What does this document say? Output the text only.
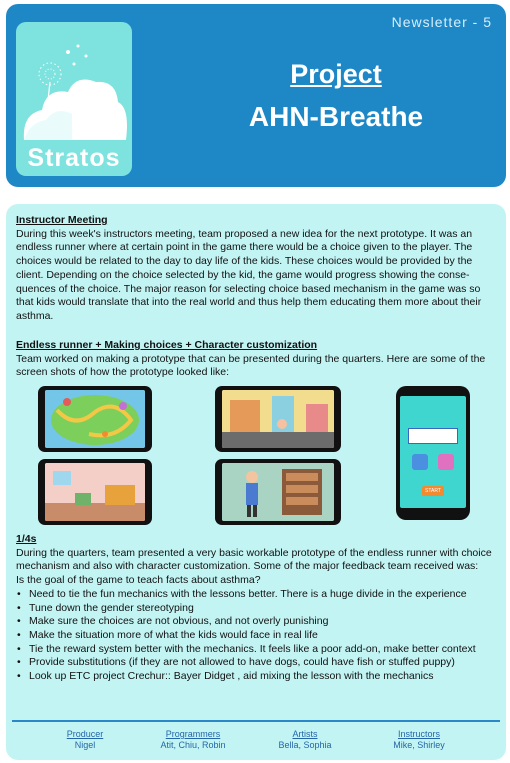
Newsletter - 5
Stratos
Project
AHN-Breathe
Instructor Meeting
During this week's instructors meeting, team proposed a new idea for the next prototype. It was an endless runner where at certain point in the game there would be a choice given to the player. The choices would be related to the day to day life of the kids. These choices would be provided by the client. Depending on the choice selected by the kid, the game would progress showing the conse-quences of the choice. The major reason for selecting choice based mechanism in the game was so that kids would translate that into the real world and thus help them educating them more about their asthma.
Endless runner + Making choices + Character customization
Team worked on making a prototype that can be presented during the quarters. Here are some of the screen shots of how the prototype looked like:
START
1/4s
During the quarters, team presented a very basic workable prototype of the endless runner with choice mechanism and also with character customization. Some of the major feedback team received was:
Is the goal of the game to teach facts about asthma?
• Need to tie the fun mechanics with the lessons better. There is a huge divide in the experience
• Tune down the gender stereotyping
• Make sure the choices are not obvious, and not overly punishing
• Make the situation more of what the kids would face in real life
• Tie the reward system better with the mechanics. It feels like a poor add-on, make better context
• Provide substitutions (if they are not allowed to have dogs, could have fish or stuffed puppy)
• Look up ETC project Crechur:: Bayer Didget , aid mixing the lesson with the mechanics
Producer
Nigel
Programmers
Atit, Chiu, Robin
Artists
Bella, Sophia
Instructors
Mike, Shirley
